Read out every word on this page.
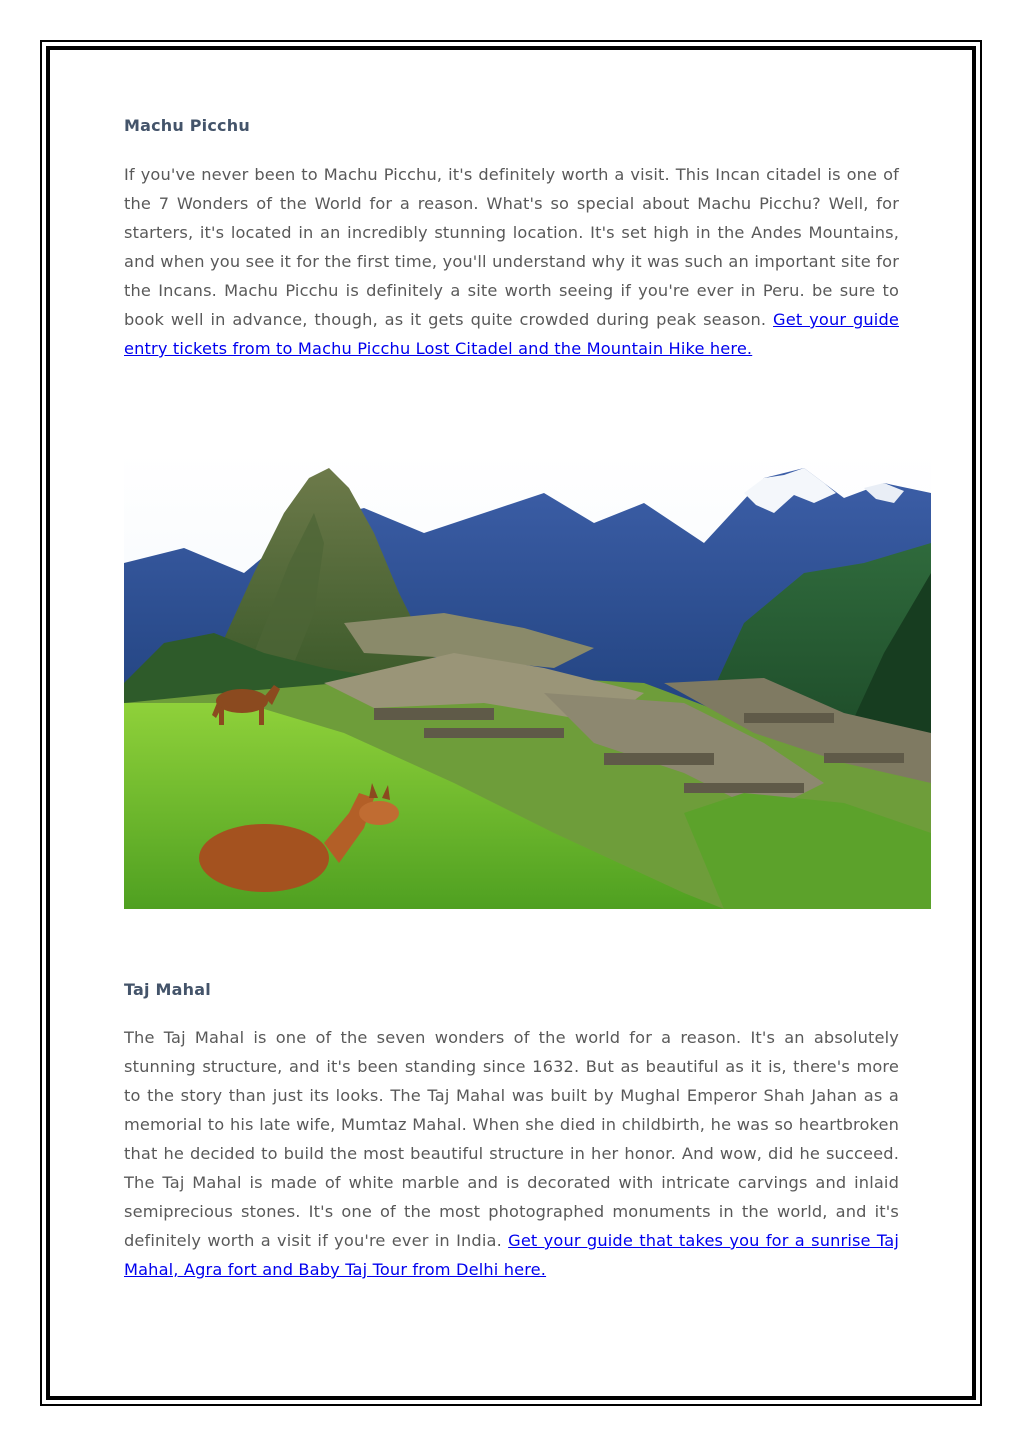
Machu Picchu

If you've never been to Machu Picchu, it's definitely worth a visit. This Incan citadel is one of the 7 Wonders of the World for a reason. What's so special about Machu Picchu? Well, for starters, it's located in an incredibly stunning location. It's set high in the Andes Mountains, and when you see it for the first time, you'll understand why it was such an important site for the Incans. Machu Picchu is definitely a site worth seeing if you're ever in Peru. be sure to book well in advance, though, as it gets quite crowded during peak season. Get your guide entry tickets from to Machu Picchu Lost Citadel and the Mountain Hike here.

Taj Mahal

The Taj Mahal is one of the seven wonders of the world for a reason. It's an absolutely stunning structure, and it's been standing since 1632. But as beautiful as it is, there's more to the story than just its looks. The Taj Mahal was built by Mughal Emperor Shah Jahan as a memorial to his late wife, Mumtaz Mahal. When she died in childbirth, he was so heartbroken that he decided to build the most beautiful structure in her honor. And wow, did he succeed. The Taj Mahal is made of white marble and is decorated with intricate carvings and inlaid semiprecious stones. It's one of the most photographed monuments in the world, and it's definitely worth a visit if you're ever in India. Get your guide that takes you for a sunrise Taj Mahal, Agra fort and Baby Taj Tour from Delhi here.
